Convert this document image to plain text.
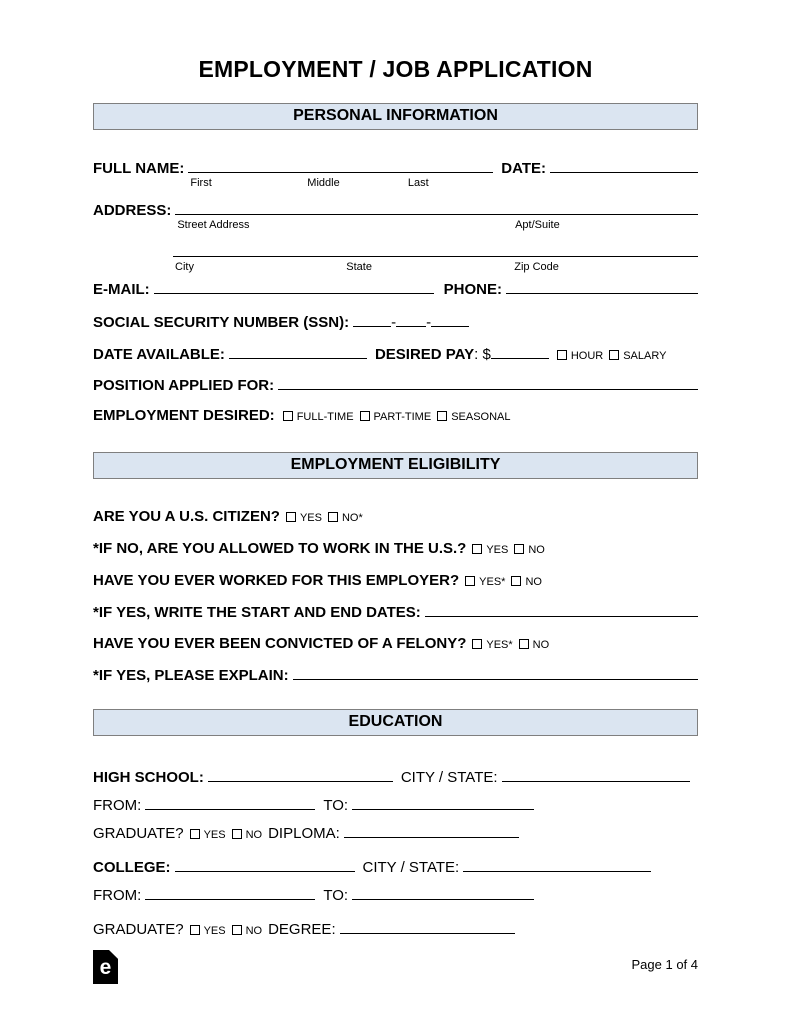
EMPLOYMENT / JOB APPLICATION
PERSONAL INFORMATION
FULL NAME:
First	Middle	Last
DATE:
ADDRESS:
Street Address	Apt/Suite
City	State	Zip Code
E-MAIL:	PHONE:
SOCIAL SECURITY NUMBER (SSN):	- -
DATE AVAILABLE:	DESIRED PAY : $	HOUR	SALARY
POSITION APPLIED FOR:
EMPLOYMENT DESIRED:	FULL-TIME	PART-TIME	SEASONAL
EMPLOYMENT ELIGIBILITY
ARE YOU A U.S. CITIZEN?	YES	NO*
*IF NO, ARE YOU ALLOWED TO WORK IN THE U.S.?	YES	NO
HAVE YOU EVER WORKED FOR THIS EMPLOYER?	YES*	NO
*IF YES, WRITE THE START AND END DATES:
HAVE YOU EVER BEEN CONVICTED OF A FELONY?	YES*	NO
*IF YES, PLEASE EXPLAIN:
EDUCATION
HIGH SCHOOL:	CITY / STATE:
FROM:	TO:
GRADUATE?	YES	NO DIPLOMA:
COLLEGE:	CITY / STATE:
FROM:	TO:
GRADUATE?	YES	NO DEGREE:
e	Page 1 of 4
